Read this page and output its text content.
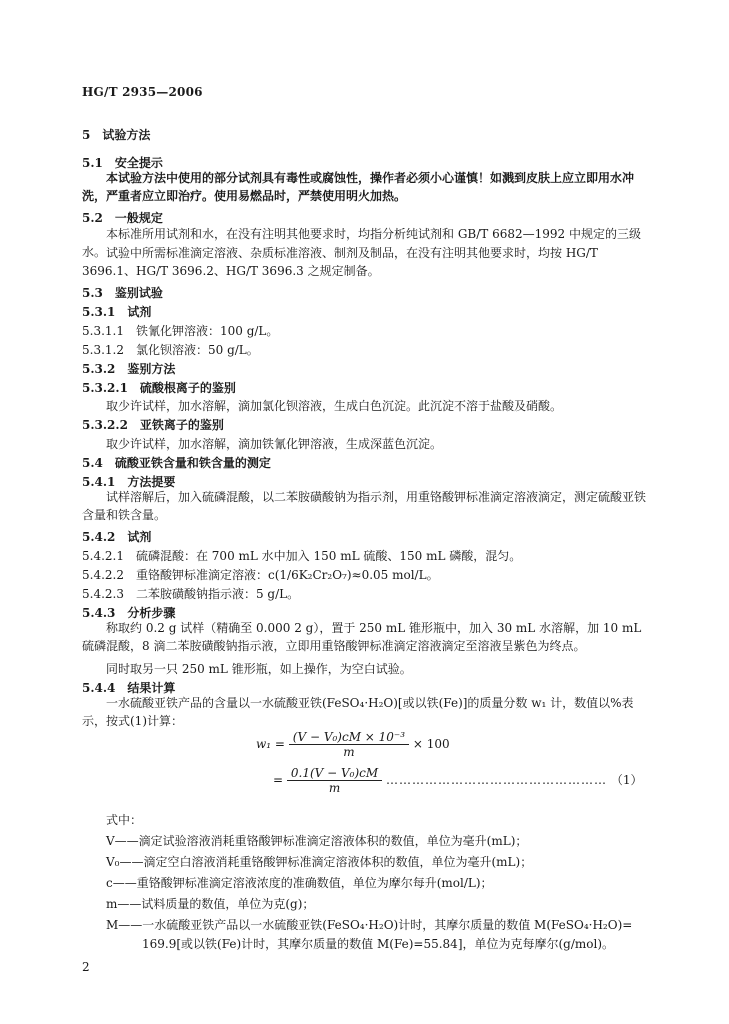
HG/T 2935—2006
5　试验方法
5.1　安全提示
本试验方法中使用的部分试剂具有毒性或腐蚀性，操作者必须小心谨慎！如溅到皮肤上应立即用水冲洗，严重者应立即治疗。使用易燃品时，严禁使用明火加热。
5.2　一般规定
本标准所用试剂和水，在没有注明其他要求时，均指分析纯试剂和 GB/T 6682—1992 中规定的三级水。 试验中所需标准滴定溶液、杂质标准溶液、制剂及制品，在没有注明其他要求时，均按 HG/T 3696.1、HG/T 3696.2、HG/T 3696.3 之规定制备。
5.3　鉴别试验
5.3.1　试剂
5.3.1.1　铁氰化钾溶液：100 g/L。
5.3.1.2　氯化钡溶液：50 g/L。
5.3.2　鉴别方法
5.3.2.1　硫酸根离子的鉴别
取少许试样，加水溶解，滴加氯化钡溶液，生成白色沉淀。此沉淀不溶于盐酸及硝酸。
5.3.2.2　亚铁离子的鉴别
取少许试样，加水溶解，滴加铁氰化钾溶液，生成深蓝色沉淀。
5.4　硫酸亚铁含量和铁含量的测定
5.4.1　方法提要
试样溶解后，加入硫磷混酸，以二苯胺磺酸钠为指示剂，用重铬酸钾标准滴定溶液滴定，测定硫酸亚铁含量和铁含量。
5.4.2　试剂
5.4.2.1　硫磷混酸：在 700 mL 水中加入 150 mL 硫酸、150 mL 磷酸，混匀。
5.4.2.2　重铬酸钾标准滴定溶液：c(1/6K₂Cr₂O₇)≈0.05 mol/L。
5.4.2.3　二苯胺磺酸钠指示液：5 g/L。
5.4.3　分析步骤
称取约 0.2 g 试样（精确至 0.000 2 g），置于 250 mL 锥形瓶中，加入 30 mL 水溶解，加 10 mL 硫磷混酸，8 滴二苯胺磺酸钠指示液，立即用重铬酸钾标准滴定溶液滴定至溶液呈紫色为终点。
同时取另一只 250 mL 锥形瓶，如上操作，为空白试验。
5.4.4　结果计算
一水硫酸亚铁产品的含量以一水硫酸亚铁(FeSO₄·H₂O)[或以铁(Fe)]的质量分数 w₁ 计，数值以%表示，按式(1)计算：
$w_1 = \frac{\text{(V − V₀)cM × 10⁻³}}{m} \times 100$
= $\frac{\text{0.1(V − V₀)cM}}{m}$ …………………………………………… （1）
式中：
V——滴定试验溶液消耗重铬酸钾标准滴定溶液体积的数值，单位为毫升(mL)；
V₀——滴定空白溶液消耗重铬酸钾标准滴定溶液体积的数值，单位为毫升(mL)；
c——重铬酸钾标准滴定溶液浓度的准确数值，单位为摩尔每升(mol/L)；
m——试料质量的数值，单位为克(g)；
M——一水硫酸亚铁产品以一水硫酸亚铁(FeSO₄·H₂O)计时，其摩尔质量的数值 M(FeSO₄·H₂O)=
169.9[或以铁(Fe)计时，其摩尔质量的数值 M(Fe)=55.84]，单位为克每摩尔(g/mol)。
2
